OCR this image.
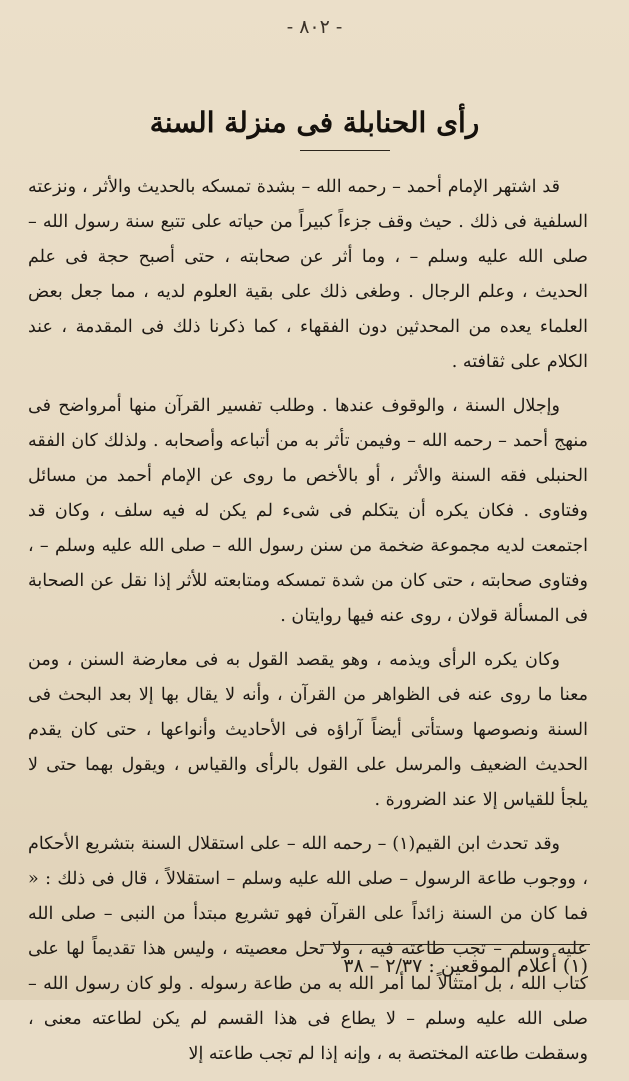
- ٨٠٢ -
رأى الحنابلة فى منزلة السنة

قد اشتهر الإمام أحمد – رحمه الله – بشدة تمسكه بالحديث والأثر ، ونزعته السلفية فى ذلك . حيث وقف جزءاً كبيراً من حياته على تتبع سنة رسول الله – صلى الله عليه وسلم – ، وما أثر عن صحابته ، حتى أصبح حجة فى علم الحديث ، وعلم الرجال . وطغى ذلك على بقية العلوم لديه ، مما جعل بعض العلماء يعده من المحدثين دون الفقهاء ، كما ذكرنا ذلك فى المقدمة ، عند الكلام على ثقافته .

وإجلال السنة ، والوقوف عندها . وطلب تفسير القرآن منها أمرواضح فى منهج أحمد – رحمه الله – وفيمن تأثر به من أتباعه وأصحابه . ولذلك كان الفقه الحنبلى فقه السنة والأثر ، أو بالأخص ما روى عن الإمام أحمد من مسائل وفتاوى . فكان يكره أن يتكلم فى شىء لم يكن له فيه سلف ، وكان قد اجتمعت لديه مجموعة ضخمة من سنن رسول الله – صلى الله عليه وسلم – ، وفتاوى صحابته ، حتى كان من شدة تمسكه ومتابعته للأثر إذا نقل عن الصحابة فى المسألة قولان ، روى عنه فيها روايتان .

وكان يكره الرأى ويذمه ، وهو يقصد القول به فى معارضة السنن ، ومن معنا ما روى عنه فى الظواهر من القرآن ، وأنه لا يقال بها إلا بعد البحث فى السنة ونصوصها وستأتى أيضاً آراؤه فى الأحاديث وأنواعها ، حتى كان يقدم الحديث الضعيف والمرسل على القول بالرأى والقياس ، ويقول بهما حتى لا يلجأ للقياس إلا عند الضرورة .

وقد تحدث ابن القيم(١) – رحمه الله – على استقلال السنة بتشريع الأحكام ، ووجوب طاعة الرسول – صلى الله عليه وسلم – استقلالاً ، قال فى ذلك : « فما كان من السنة زائداً على القرآن فهو تشريع مبتدأ من النبى – صلى الله عليه وسلم – تجب طاعته فيه ، ولا تحل معصيته ، وليس هذا تقديماً لها على كتاب الله ، بل امتثالاً لما أمر الله به من طاعة رسوله . ولو كان رسول الله – صلى الله عليه وسلم – لا يطاع فى هذا القسم لم يكن لطاعته معنى ، وسقطت طاعته المختصة به ، وإنه إذا لم تجب طاعته إلا

(١) أعلام الموقعين : ٢/٣٧ – ٣٨
